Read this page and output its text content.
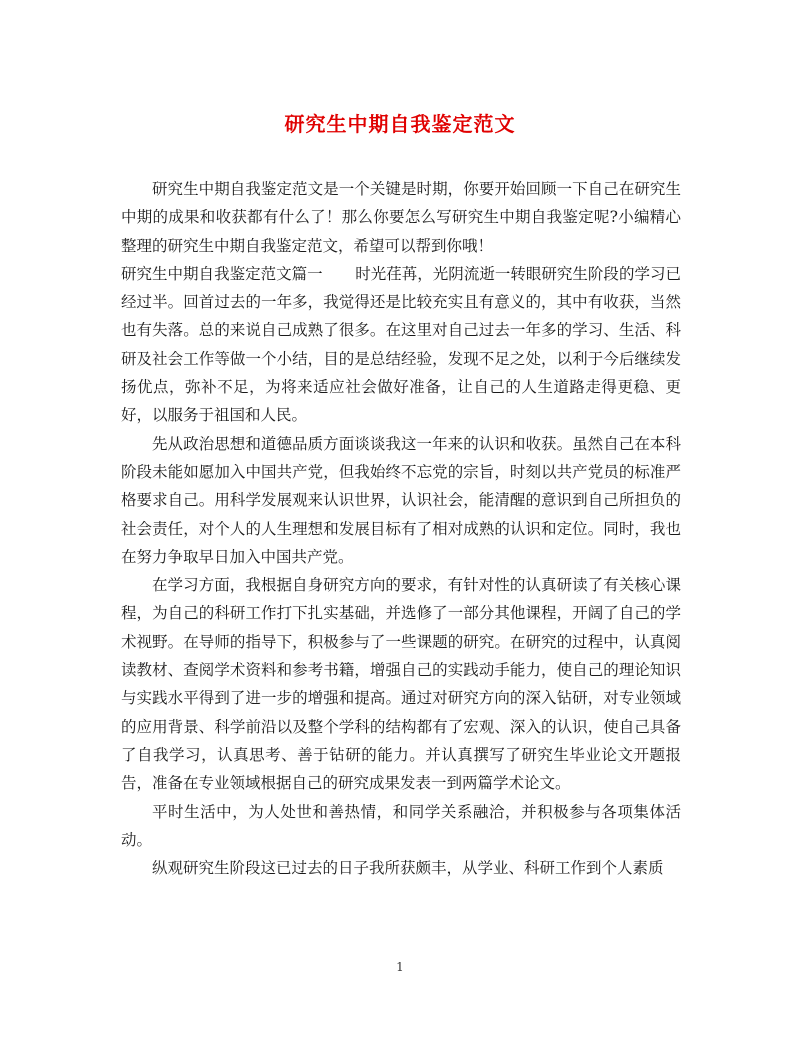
研究生中期自我鉴定范文

研究生中期自我鉴定范文是一个关键是时期，你要开始回顾一下自己在研究生中期的成果和收获都有什么了！那么你要怎么写研究生中期自我鉴定呢?小编精心整理的研究生中期自我鉴定范文，希望可以帮到你哦！

研究生中期自我鉴定范文篇一 时光荏苒，光阴流逝一转眼研究生阶段的学习已经过半。回首过去的一年多，我觉得还是比较充实且有意义的，其中有收获，当然也有失落。总的来说自己成熟了很多。在这里对自己过去一年多的学习、生活、科研及社会工作等做一个小结，目的是总结经验，发现不足之处，以利于今后继续发扬优点，弥补不足，为将来适应社会做好准备，让自己的人生道路走得更稳、更好，以服务于祖国和人民。

先从政治思想和道德品质方面谈谈我这一年来的认识和收获。虽然自己在本科阶段未能如愿加入中国共产党，但我始终不忘党的宗旨，时刻以共产党员的标准严格要求自己。用科学发展观来认识世界，认识社会，能清醒的意识到自己所担负的社会责任，对个人的人生理想和发展目标有了相对成熟的认识和定位。同时，我也在努力争取早日加入中国共产党。

在学习方面，我根据自身研究方向的要求，有针对性的认真研读了有关核心课程，为自己的科研工作打下扎实基础，并选修了一部分其他课程，开阔了自己的学术视野。在导师的指导下，积极参与了一些课题的研究。在研究的过程中，认真阅读教材、查阅学术资料和参考书籍，增强自己的实践动手能力，使自己的理论知识与实践水平得到了进一步的增强和提高。通过对研究方向的深入钻研，对专业领域的应用背景、科学前沿以及整个学科的结构都有了宏观、深入的认识，使自己具备了自我学习，认真思考、善于钻研的能力。并认真撰写了研究生毕业论文开题报告，准备在专业领域根据自己的研究成果发表一到两篇学术论文。

平时生活中，为人处世和善热情，和同学关系融洽，并积极参与各项集体活动。

纵观研究生阶段这已过去的日子我所获颇丰，从学业、科研工作到个人素质

1
